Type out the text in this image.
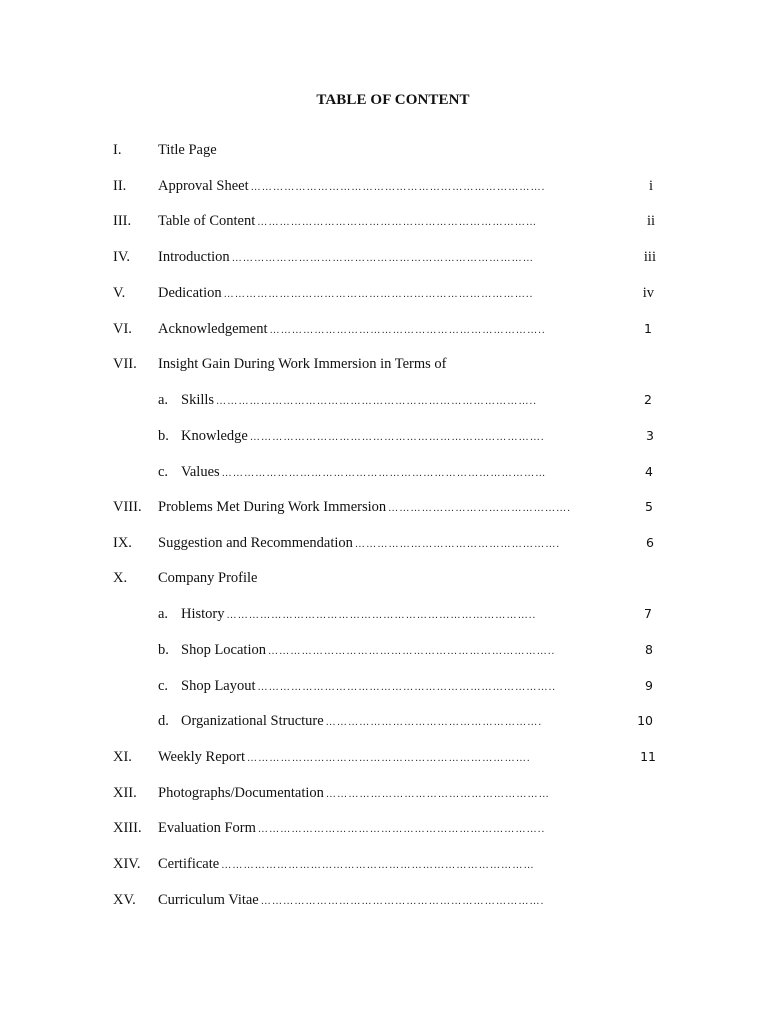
TABLE OF CONTENT
I.	Title Page
II. Approval Sheet …………………………………………………………………….	i
III. Table of Content …………………………………………………………………	ii
IV. Introduction ………………………………………………………………………	iii
V. Dedication ………………………………………………………………………..	iv
VI. Acknowledgement ………………………………………………………………..	1
VII. Insight Gain During Work Immersion in Terms of
a. Skills …………………………………………………………………………..	2
b. Knowledge …………………………………………………………………….	3
c. Values ……………………………………………………………………………	4
VIII. Problems Met During Work Immersion ………………………………………….	5
IX. Suggestion and Recommendation ……………………………………………….	6
X. Company Profile
a. History ………………………………………………………………………..	7
b. Shop Location …………………………………………………………………..	8
c. Shop Layout ……………………………………………………………………..	9
d. Organizational Structure ………………………………………………….	10
XI. Weekly Report ………………………………………………………………….	11
XII. Photographs/Documentation ……………………………………………………
XIII. Evaluation Form …………………………………………………………………..
XIV. Certificate …………………………………………………………………………
XV. Curriculum Vitae ………………………………………………………………….
